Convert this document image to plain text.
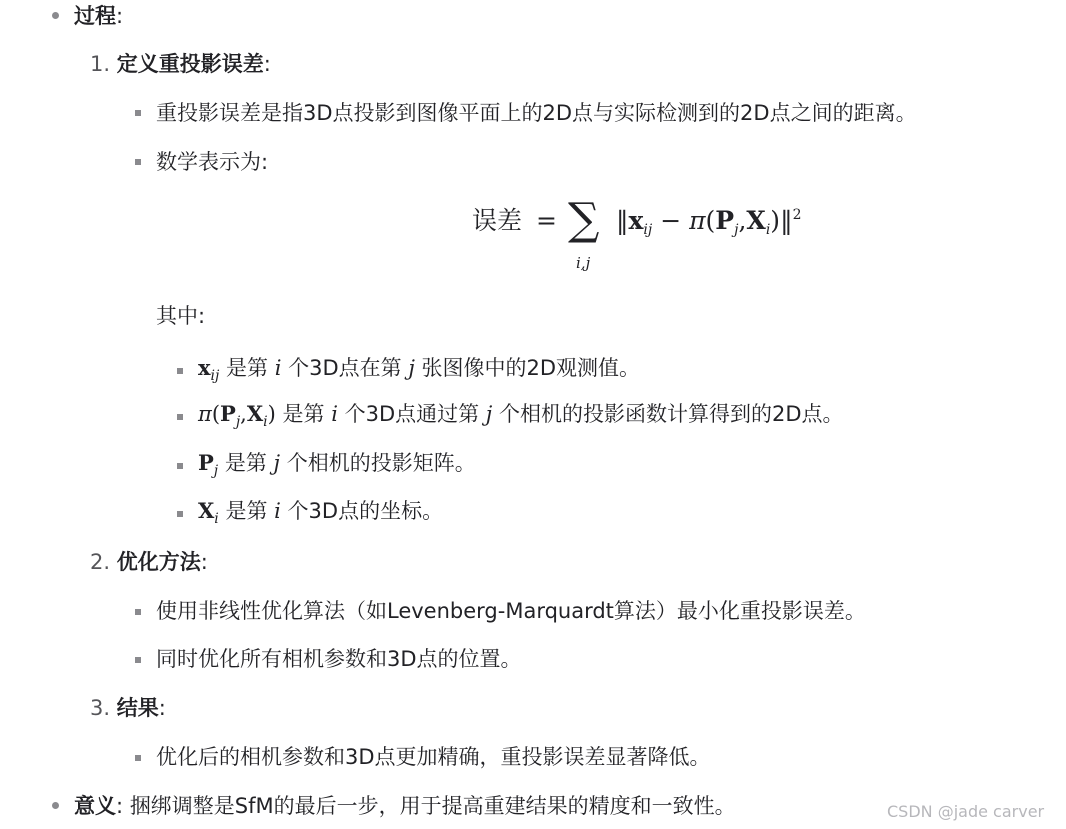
过程:
1. 定义重投影误差:
重投影误差是指3D点投影到图像平面上的2D点与实际检测到的2D点之间的距离。
数学表示为:
误差 = ∑
i,j
$‖x_{ij}$ − $\pi(P_j,X_i)‖^2$
其中:
$x_{ij}$ 是第 i 个3D点在第 j 张图像中的2D观测值。
$\pi(P_j,X_i)$ 是第 i 个3D点通过第 j 个相机的投影函数计算得到的2D点。
$P_j$ 是第 j 个相机的投影矩阵。
$X_i$ 是第 i 个3D点的坐标。
2. 优化方法:
使用非线性优化算法（如Levenberg-Marquardt算法）最小化重投影误差。
同时优化所有相机参数和3D点的位置。
3. 结果:
优化后的相机参数和3D点更加精确，重投影误差显著降低。
意义: 捆绑调整是SfM的最后一步，用于提高重建结果的精度和一致性。	CSDN @jade carver
